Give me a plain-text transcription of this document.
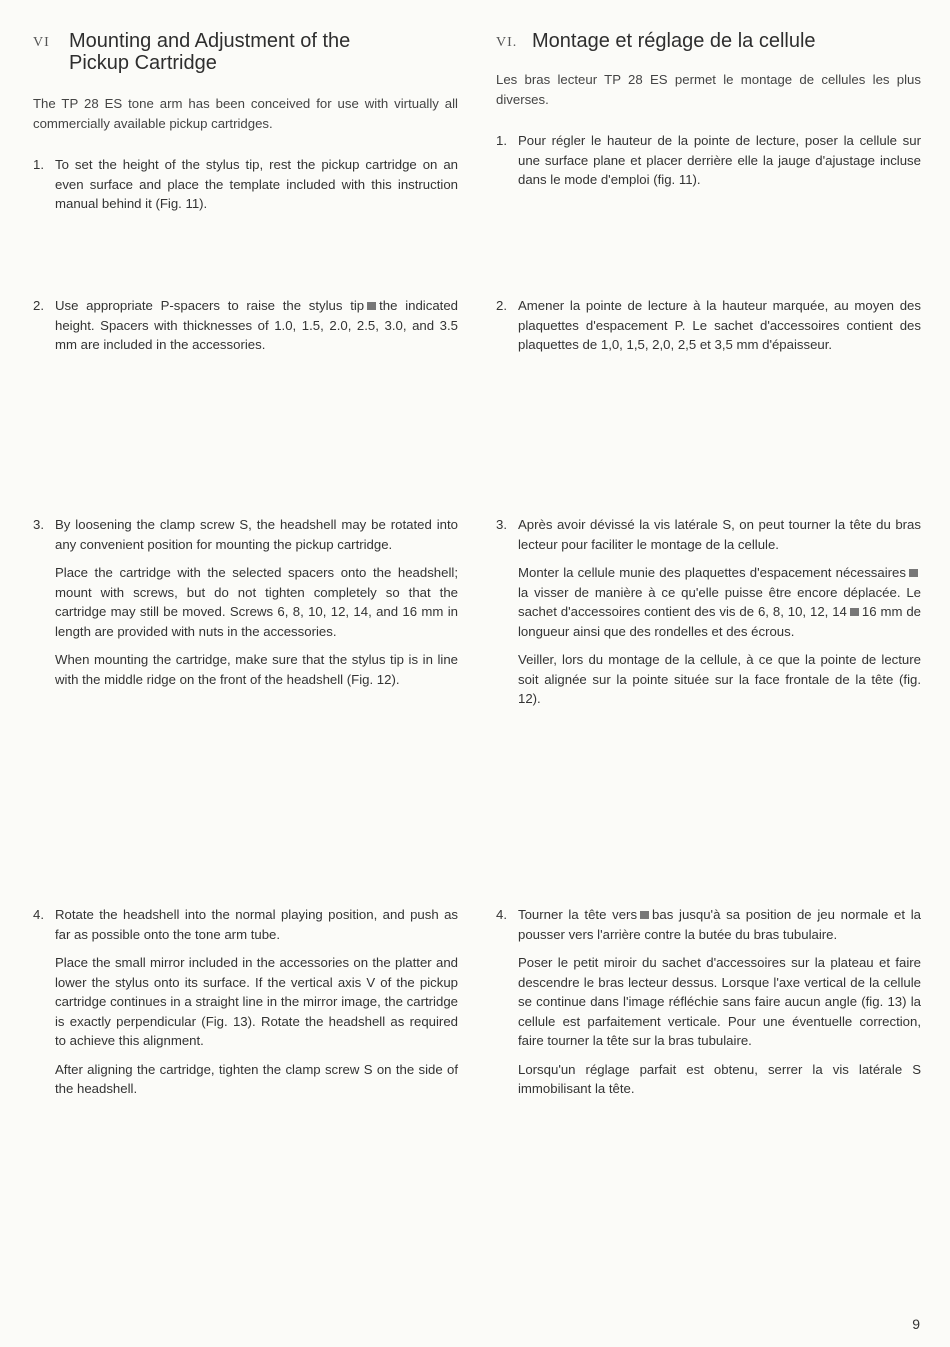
VI Mounting and Adjustment of the
Pickup Cartridge

The TP 28 ES tone arm has been conceived for use with virtually all commercially available pickup cartridges.

1. To set the height of the stylus tip, rest the pickup cartridge on an even surface and place the template included with this instruction manual behind it (Fig. 11).

2. Use appropriate P-spacers to raise the stylus tip the indicated height. Spacers with thicknesses of 1.0, 1.5, 2.0, 2.5, 3.0, and 3.5 mm are included in the accessories.

3. By loosening the clamp screw S, the headshell may be rotated into any convenient position for mounting the pickup cartridge.

Place the cartridge with the selected spacers onto the headshell; mount with screws, but do not tighten completely so that the cartridge may still be moved. Screws 6, 8, 10, 12, 14, and 16 mm in length are provided with nuts in the accessories.

When mounting the cartridge, make sure that the stylus tip is in line with the middle ridge on the front of the headshell (Fig. 12).

4. Rotate the headshell into the normal playing position, and push as far as possible onto the tone arm tube.

Place the small mirror included in the accessories on the platter and lower the stylus onto its surface. If the vertical axis V of the pickup cartridge continues in a straight line in the mirror image, the cartridge is exactly perpendicular (Fig. 13). Rotate the headshell as required to achieve this alignment.

After aligning the cartridge, tighten the clamp screw S on the side of the headshell.

VI. Montage et réglage de la cellule

Les bras lecteur TP 28 ES permet le montage de cellules les plus diverses.

1. Pour régler le hauteur de la pointe de lecture, poser la cellule sur une surface plane et placer derrière elle la jauge d'ajustage incluse dans le mode d'emploi (fig. 11).

2. Amener la pointe de lecture à la hauteur marquée, au moyen des plaquettes d'espacement P. Le sachet d'accessoires contient des plaquettes de 1,0, 1,5, 2,0, 2,5 et 3,5 mm d'épaisseur.

3. Après avoir dévissé la vis latérale S, on peut tourner la tête du bras lecteur pour faciliter le montage de la cellule.

Monter la cellule munie des plaquettes d'espacement nécessairesla visser de manière à ce qu'elle puisse être encore déplacée. Le sachet d'accessoires contient des vis de 6, 8, 10, 12, 14 16 mm de longueur ainsi que des rondelles et des écrous.

Veiller, lors du montage de la cellule, à ce que la pointe de lecture soit alignée sur la pointe située sur la face frontale de la tête (fig. 12).

4. Tourner la tête vers bas jusqu'à sa position de jeu normale et la pousser vers l'arrière contre la butée du bras tubulaire.

Poser le petit miroir du sachet d'accessoires sur la plateau et faire descendre le bras lecteur dessus. Lorsque l'axe vertical de la cellule se continue dans l'image réfléchie sans faire aucun angle (fig. 13) la cellule est parfaitement verticale. Pour une éventuelle correction, faire tourner la tête sur la bras tubulaire.

Lorsqu'un réglage parfait est obtenu, serrer la vis latérale S immobilisant la tête.

9
